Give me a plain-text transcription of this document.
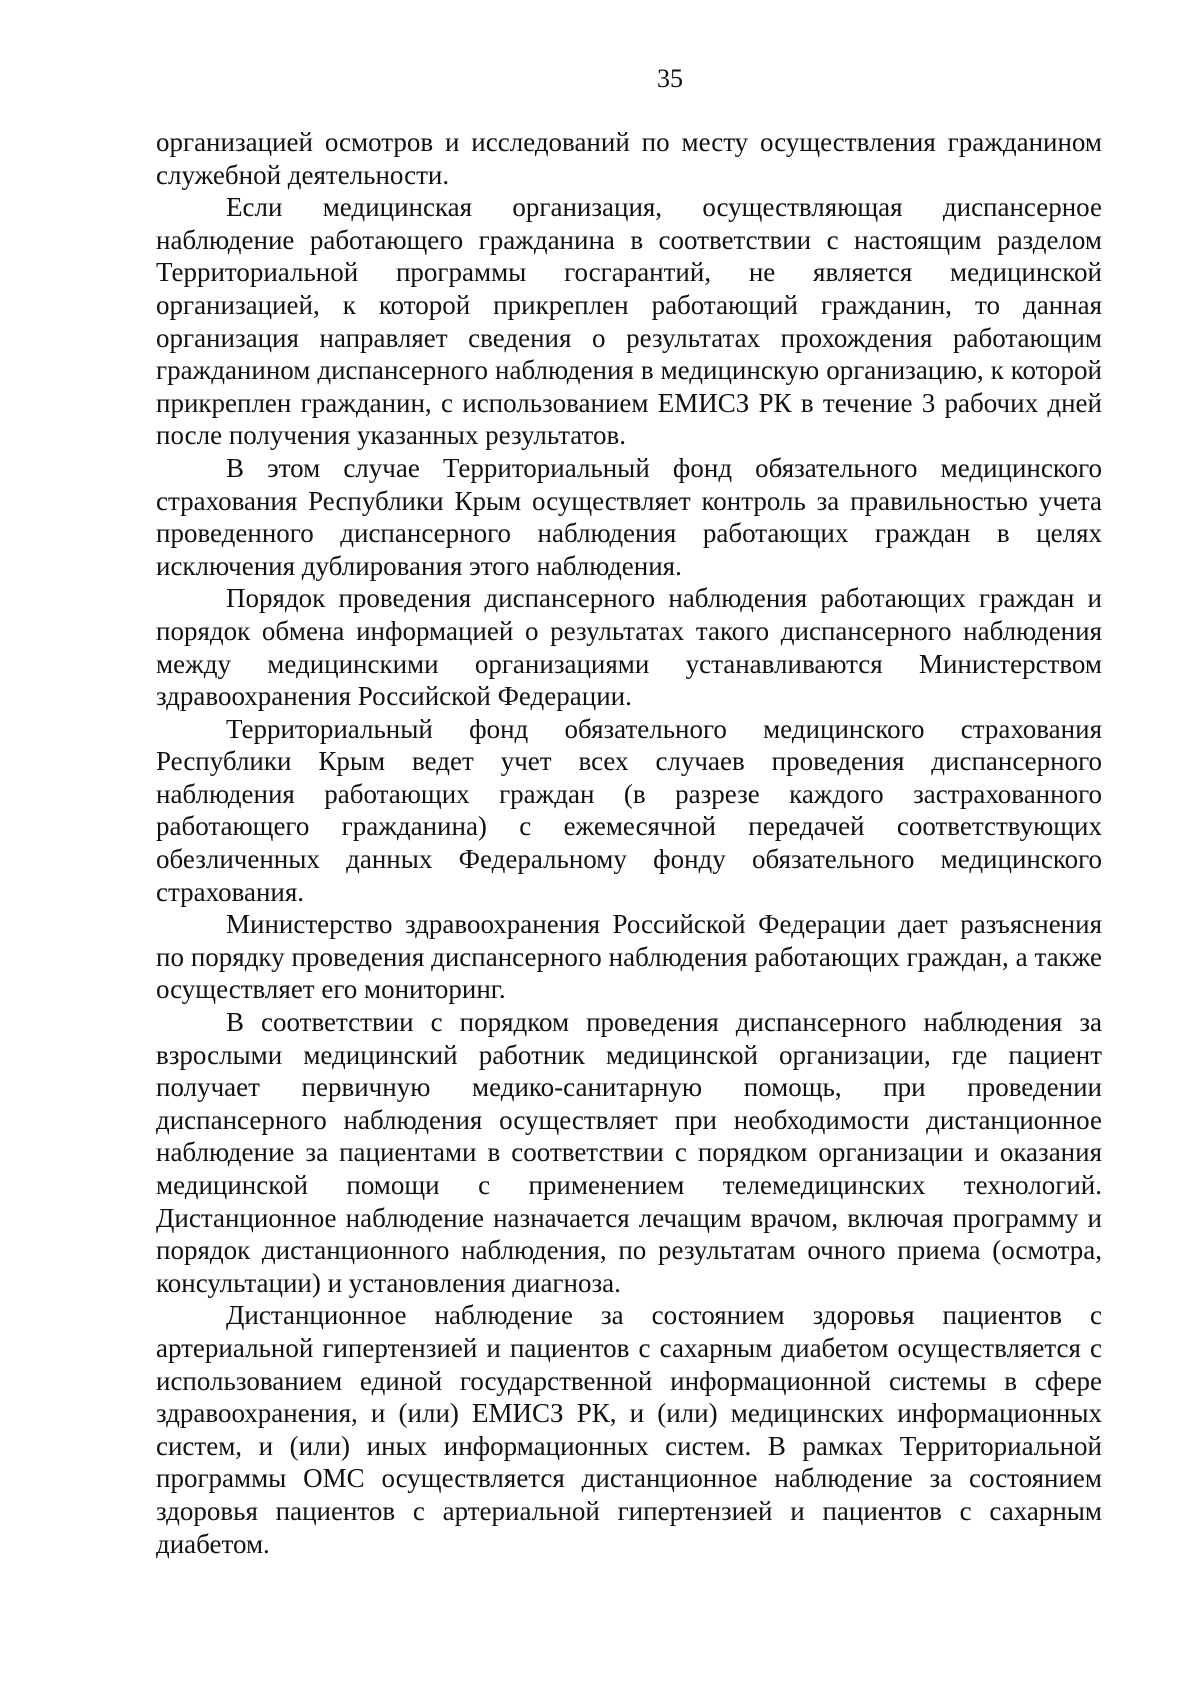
35

организацией осмотров и исследований по месту осуществления гражданином служебной деятельности.

Если медицинская организация, осуществляющая диспансерное наблюдение работающего гражданина в соответствии с настоящим разделом Территориальной программы госгарантий, не является медицинской организацией, к которой прикреплен работающий гражданин, то данная организация направляет сведения о результатах прохождения работающим гражданином диспансерного наблюдения в медицинскую организацию, к которой прикреплен гражданин, с использованием ЕМИСЗ РК в течение 3 рабочих дней после получения указанных результатов.

В этом случае Территориальный фонд обязательного медицинского страхования Республики Крым осуществляет контроль за правильностью учета проведенного диспансерного наблюдения работающих граждан в целях исключения дублирования этого наблюдения.

Порядок проведения диспансерного наблюдения работающих граждан и порядок обмена информацией о результатах такого диспансерного наблюдения между медицинскими организациями устанавливаются Министерством здравоохранения Российской Федерации.

Территориальный фонд обязательного медицинского страхования Республики Крым ведет учет всех случаев проведения диспансерного наблюдения работающих граждан (в разрезе каждого застрахованного работающего гражданина) с ежемесячной передачей соответствующих обезличенных данных Федеральному фонду обязательного медицинского страхования.

Министерство здравоохранения Российской Федерации дает разъяснения по порядку проведения диспансерного наблюдения работающих граждан, а также осуществляет его мониторинг.

В соответствии с порядком проведения диспансерного наблюдения за взрослыми медицинский работник медицинской организации, где пациент получает первичную медико-санитарную помощь, при проведении диспансерного наблюдения осуществляет при необходимости дистанционное наблюдение за пациентами в соответствии с порядком организации и оказания медицинской помощи с применением телемедицинских технологий. Дистанционное наблюдение назначается лечащим врачом, включая программу и порядок дистанционного наблюдения, по результатам очного приема (осмотра, консультации) и установления диагноза.

Дистанционное наблюдение за состоянием здоровья пациентов с артериальной гипертензией и пациентов с сахарным диабетом осуществляется с использованием единой государственной информационной системы в сфере здравоохранения, и (или) ЕМИСЗ РК, и (или) медицинских информационных систем, и (или) иных информационных систем. В рамках Территориальной программы ОМС осуществляется дистанционное наблюдение за состоянием здоровья пациентов с артериальной гипертензией и пациентов с сахарным диабетом.
